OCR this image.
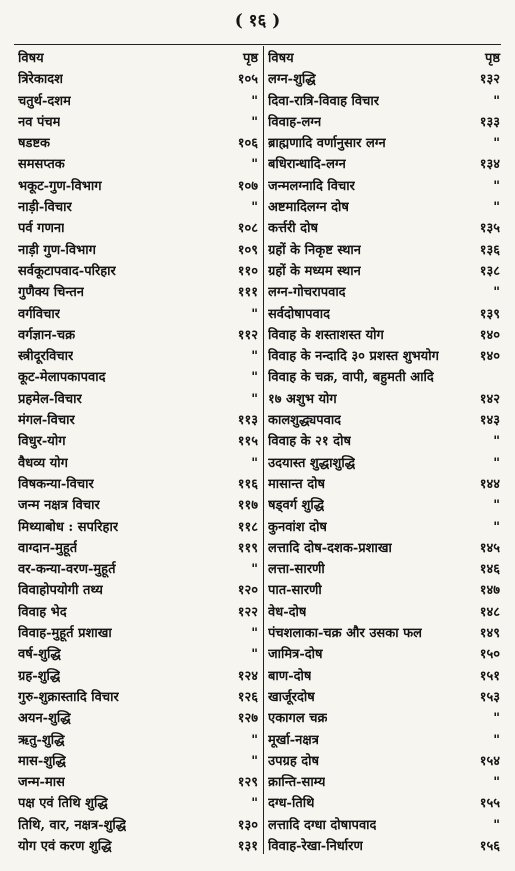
( १६ )
विषय	पृष्ठ
त्रिरेकादश	१०५
चतुर्थ-दशम	"
नव पंचम	"
षडष्टक	१०६
समसप्तक	"
भकूट-गुण-विभाग	१०७
नाड़ी-विचार	"
पर्व गणना	१०८
नाड़ी गुण-विभाग	१०९
सर्वकूटापवाद-परिहार	११०
गुणैक्य चिन्तन	१११
वर्गविचार	"
वर्गज्ञान-चक्र	११२
स्त्रीदूरविचार	"
कूट-मेलापकापवाद	"
प्रहमेल-विचार	"
मंगल-विचार	११३
विधुर-योग	११५
वैधव्य योग	"
विषकन्या-विचार	११६
जन्म नक्षत्र विचार	११७
मिथ्याबोध : सपरिहार	११८
वाग्दान-मुहूर्त	११९
वर-कन्या-वरण-मुहूर्त	"
विवाहोपयोगी तथ्य	१२०
विवाह भेद	१२२
विवाह-मुहूर्त प्रशाखा	"
वर्ष-शुद्धि	"
ग्रह-शुद्धि	१२४
गुरु-शुक्रास्तादि विचार	१२६
अयन-शुद्धि	१२७
ऋतु-शुद्धि	"
मास-शुद्धि	"
जन्म-मास	१२९
पक्ष एवं तिथि शुद्धि	"
तिथि, वार, नक्षत्र-शुद्धि	१३०
योग एवं करण शुद्धि	१३१
विषय	पृष्ठ
लग्न-शुद्धि	१३२
दिवा-रात्रि-विवाह विचार	"
विवाह-लग्न	१३३
ब्राह्मणादि वर्णानुसार लग्न	"
बधिरान्धादि-लग्न	१३४
जन्मलग्नादि विचार	"
अष्टमादिलग्न दोष	"
कर्त्तरी दोष	१३५
ग्रहों के निकृष्ट स्थान	१३६
ग्रहों के मध्यम स्थान	१३८
लग्न-गोचरापवाद	"
सर्वदोषापवाद	१३९
विवाह के शस्ताशस्त योग	१४०
विवाह के नन्दादि ३० प्रशस्त शुभयोग	१४०
विवाह के चक्र, वापी, बहुमती आदि
१७ अशुभ योग	१४२
कालशुद्ध्यपवाद	१४३
विवाह के २१ दोष	"
उदयास्त शुद्धाशुद्धि	"
मासान्त दोष	१४४
षड्वर्ग शुद्धि	"
कुनवांश दोष	"
लत्तादि दोष-दशक-प्रशाखा	१४५
लत्ता-सारणी	१४६
पात-सारणी	१४७
वेध-दोष	१४८
पंचशलाका-चक्र और उसका फल	१४९
जामित्र-दोष	१५०
बाण-दोष	१५१
खार्जूरदोष	१५३
एकागल चक्र	"
मूर्खा-नक्षत्र	"
उपग्रह दोष	१५४
क्रान्ति-साम्य	"
दग्ध-तिथि	१५५
लत्तादि दग्धा दोषापवाद	"
विवाह-रेखा-निर्धारण	१५६
